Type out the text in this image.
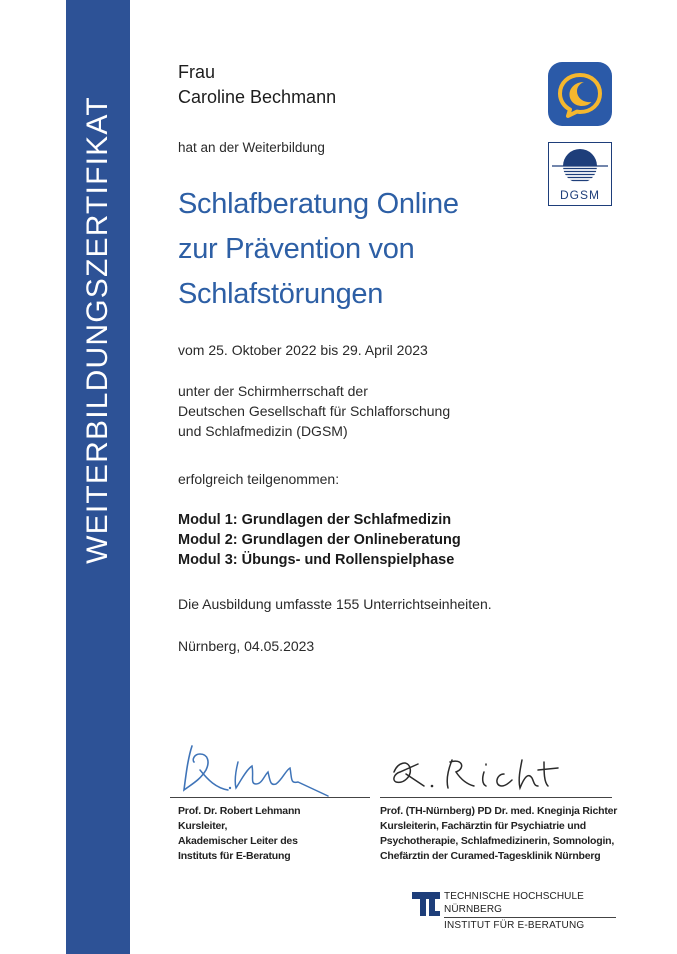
WEITERBILDUNGSZERTIFIKAT
Frau
Caroline Bechmann

hat an der Weiterbildung

Schlafberatung Online
zur Prävention von
Schlafstörungen

vom 25. Oktober 2022 bis 29. April 2023

unter der Schirmherrschaft der
Deutschen Gesellschaft für Schlafforschung
und Schlafmedizin (DGSM)

erfolgreich teilgenommen:

Modul 1: Grundlagen der Schlafmedizin
Modul 2: Grundlagen der Onlineberatung
Modul 3: Übungs- und Rollenspielphase

Die Ausbildung umfasste 155 Unterrichtseinheiten.

Nürnberg, 04.05.2023

DGSM
Prof. Dr. Robert Lehmann
Kursleiter,
Akademischer Leiter des
Instituts für E-Beratung
Prof. (TH-Nürnberg) PD Dr. med. Kneginja Richter
Kursleiterin, Fachärztin für Psychiatrie und
Psychotherapie, Schlafmedizinerin, Somnologin,
Chefärztin der Curamed-Tagesklinik Nürnberg
TECHNISCHE HOCHSCHULE NÜRNBERG
INSTITUT FÜR E-BERATUNG
